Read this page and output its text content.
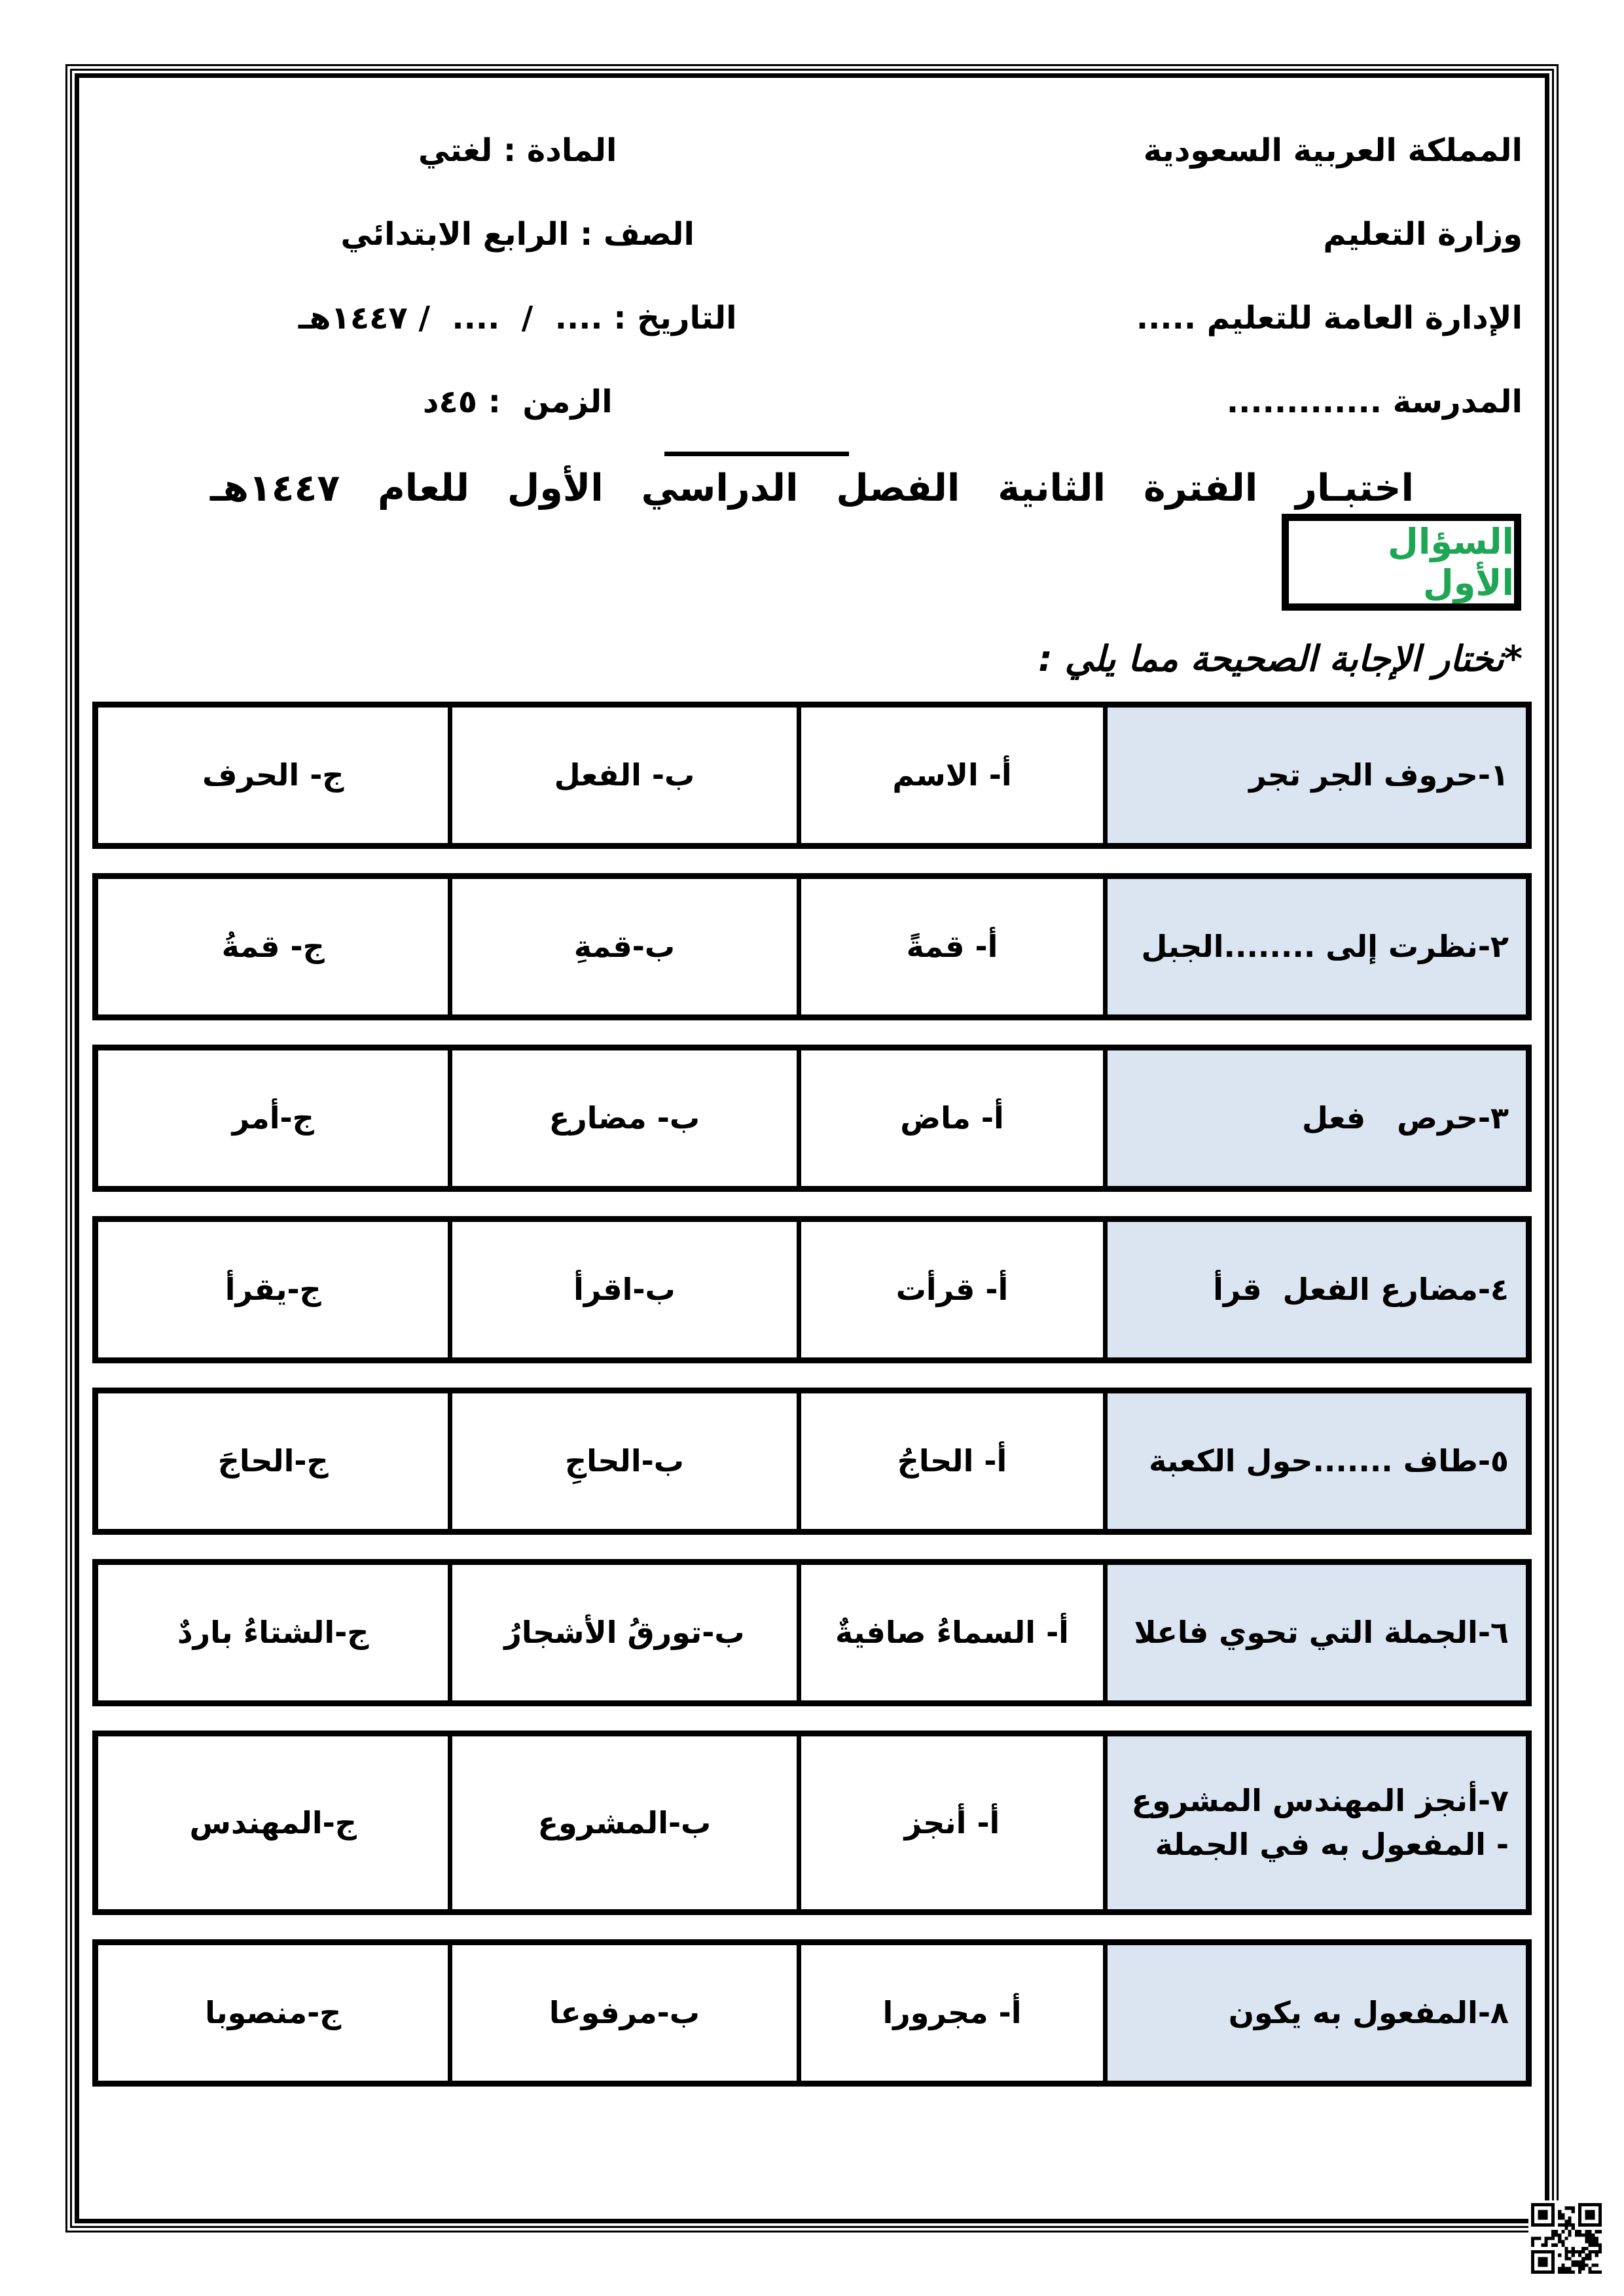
المملكة العربية السعودية
وزارة التعليم
الإدارة العامة للتعليم .....
المدرسة .............
المادة : لغتي
الصف : الرابع الابتدائي
التاريخ : ....  /  ....  / ١٤٤٧هـ
الزمن  : ٤٥د
اختبـار الفترة الثانية الفصل الدراسي الأول للعام ١٤٤٧هـ
السؤال الأول
*نختار الإجابة الصحيحة مما يلي :
١-حروف الجر تجر
أ- الاسم
ب- الفعل
ج- الحرف
٢-نظرت إلى ........الجبل
أ- قمةً
ب-قمةِ
ج- قمةُ
٣-حرص   فعل
أ- ماض
ب- مضارع
ج-أمر
٤-مضارع الفعل  قرأ
أ- قرأت
ب-اقرأ
ج-يقرأ
٥-طاف .......حول الكعبة
أ- الحاجُ
ب-الحاجِ
ج-الحاجَ
٦-الجملة التي تحوي فاعلا
أ- السماءُ صافيةٌ
ب-تورقُ الأشجارُ
ج-الشتاءُ باردٌ
٧-أنجز المهندس المشروع - المفعول به في الجملة
أ- أنجز
ب-المشروع
ج-المهندس
٨-المفعول به يكون
أ- مجرورا
ب-مرفوعا
ج-منصوبا
